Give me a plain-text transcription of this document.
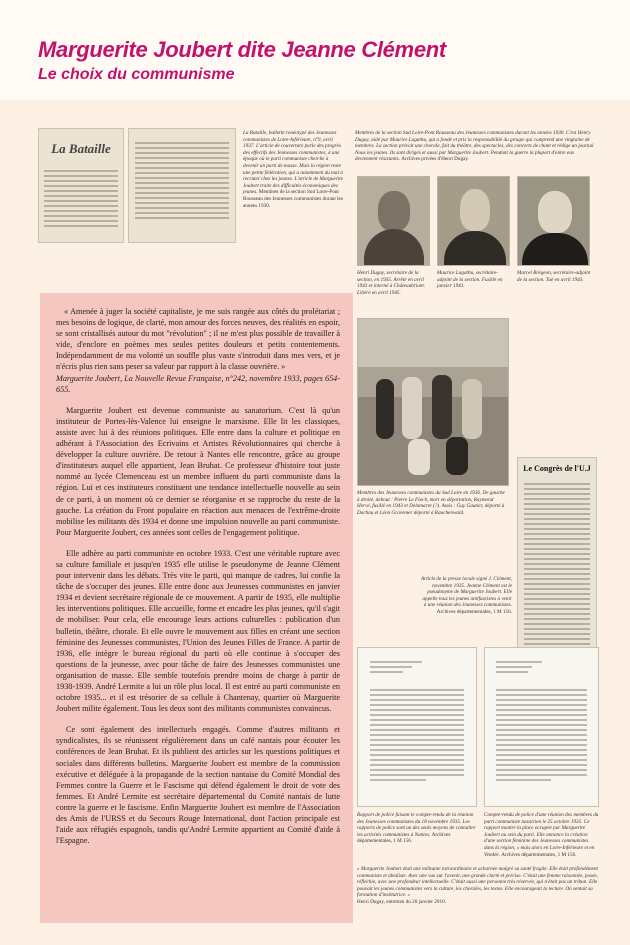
Marguerite Joubert dite Jeanne Clément
Le choix du communisme
La Bataille
La Bataille, bulletin ronéotypé des Jeunesses communistes de Loire-Inférieure, n°9, avril 1937. L'article de couverture parle des progrès des effectifs des Jeunesses communistes, à une époque où le parti communiste cherche à devenir un parti de masse. Mais la région reste une petite fédération, qui a notamment du mal à recruter chez les jeunes. L'article de Marguerite Joubert traite des difficultés économiques des jeunes. Membres de la section Sud Loire-Pont Rousseau des Jeunesses communistes durant les années 1930.
Membres de la section Sud Loire-Pont Rousseau des Jeunesses communistes durant les années 1930. C'est Henry Dugay, aidé par Maurice Lagathu, qui a fondé et pris la responsabilité du groupe qui comprend une vingtaine de membres. La section prévoit une chorale, fait du théâtre, des spectacles, des concerts de chant et rédige un journal Nous les jeunes. Ils sont dirigés et aussi par Marguerite Joubert. Pendant la guerre la plupart d'entre eux deviennent résistants. Archives privées d'Henri Dugay.
Henri Dugay, secrétaire de la section, en 1935. Arrêté en avril 1943 et interné à Châteaubriant. Libéré en avril 1945.
Maurice Lagathu, secrétaire-adjoint de la section. Fusillé en janvier 1943.
Marcel Brégeon, secrétaire-adjoint de la section. Tué en avril 1943.

« Amenée à juger la société capitaliste, je me suis rangée aux côtés du prolétariat ; mes besoins de logique, de clarté, mon amour des forces neuves, des réalités en espoir, se sont cristallisés autour du mot "révolution" ; il ne m'est plus possible de travailler à vide, d'enclore en poèmes mes seules petites douleurs et petits contentements. Indépendamment de ma volonté un souffle plus vaste s'introduit dans mes vers, et je n'écris plus rien sans peser sa valeur par rapport à la classe ouvrière. »

Marguerite Joubert, La Nouvelle Revue Française, n°242, novembre 1933, pages 654-655.

Marguerite Joubert est devenue communiste au sanatorium. C'est là qu'un instituteur de Portes-lès-Valence lui enseigne le marxisme. Elle lit les classiques, assiste avec lui à des réunions politiques. Elle entre dans la culture et politique en adhérant à l'Association des Ecrivains et Artistes Révolutionnaires qui cherche à développer la culture ouvrière. De retour à Nantes elle rencontre, grâce au groupe d'instituteurs auquel elle appartient, Jean Bruhat. Ce professeur d'histoire tout juste nommé au lycée Clemenceau est un membre influent du parti communiste dans la région. Lui et ces instituteurs constituent une tendance intellectuelle nouvelle au sein de ce parti, à un moment où ce dernier se réorganise et se rapproche du reste de la gauche. La création du Front populaire en réaction aux menaces de l'extrême-droite mobilise les militants dès 1934 et donne une impulsion nouvelle au parti communiste. Pour Marguerite Joubert, ces années sont celles de l'engagement politique.

Elle adhère au parti communiste en octobre 1933. C'est une véritable rupture avec sa culture familiale et jusqu'en 1935 elle utilise le pseudonyme de Jeanne Clément pour intervenir dans les débats. Très vite le parti, qui manque de cadres, lui confie la tâche de s'occuper des jeunes. Elle entre donc aux Jeunesses communistes en janvier 1934 et devient secrétaire régionale de ce mouvement. A partir de 1935, elle multiplie les interventions politiques. Elle accueille, forme et encadre les plus jeunes, qu'il s'agit de mobiliser. Pour cela, elle encourage leurs actions culturelles : publication d'un bulletin, théâtre, chorale. Et elle ouvre le mouvement aux filles en créant une section féminine des Jeunesses communistes, l'Union des Jeunes Filles de France. A partir de 1936, elle intègre le bureau régional du parti où elle continue à s'occuper des questions de la jeunesse, avec pour tâche de faire des Jeunesses communistes une organisation de masse. Elle semble toutefois prendre moins de charge à partir de 1938-1939. André Lermite a lui un rôle plus local. Il est entré au parti communiste en octobre 1935... et il est trésorier de sa cellule à Chantenay, quartier où Marguerite Joubert milite également. Tous les deux sont des militants communistes convaincus.

Ce sont également des intellectuels engagés. Comme d'autres militants et syndicalistes, ils se réunissent régulièrement dans un café nantais pour écouter les conférences de Jean Bruhat. Et ils publient des articles sur les questions politiques et sociales dans différents bulletins. Marguerite Joubert est membre de la commission exécutive et déléguée à la propagande de la section nantaise du Comité Mondial des Femmes contre la Guerre et le Fascisme qui défend également le droit de vote des femmes. Et André Lermite est secrétaire départemental du Comité nantais de lutte contre la guerre et le fascisme. Enfin Marguerite Joubert est membre de l'Association des Amis de l'URSS et du Secours Rouge International, dont l'action principale est l'aide aux réfugiés espagnols, tandis qu'André Lermite appartient au Comité d'aide à l'Espagne.

Membres des Jeunesses communistes du Sud Loire en 1936. De gauche à droite, debout : Pierre Le Floch, mort en déportation, Raymond Hervé, fusillé en 1943 et Delamarre (?). Assis : Guy Gautier, déporté à Dachau et Léon Gravemer déporté à Rauchenwald.
Le Congrès de l'U.J
Article de la presse locale signé J. Clément, novembre 1935. Jeanne Clément est le pseudonyme de Marguerite Joubert. Elle appelle tous les jeunes antifascistes à venir à une réunion des Jeunesses communistes. Archives départementales, 1 M 156.
Rapport de police faisant le compte-rendu de la réunion des Jeunesses communistes du 18 novembre 1935. Les rapports de police sont un des seuls moyens de connaître les activités communistes à Nantes. Archives départementales, 1 M 156.
Compte-rendu de police d'une réunion des membres du parti communiste nazairien le 25 octobre 1935. Ce rapport montre la place occupée par Marguerite Joubert au sein du parti. Elle annonce la création d'une section féminine des Jeunesses communistes dans la région, « mais alors en Loire-Inférieure et en Vendée. Archives départementales, 1 M 156.
« Marguerite Joubert était une militante extraordinaire et acharnée malgré sa santé fragile. Elle était profondément communiste et idéaliste. Avec une vue sur l'avenir, une grande clarté et précise. C'était une femme raisonnée, posée, réfléchie, avec une profondeur intellectuelle. C'était aussi une personne très réservée, qui n'était pas un tribun. Elle pouvait les jeunes communistes vers la culture, les chorales, les textes. Elle encourageait la lecture. On sentait sa formation d'institutrice. »
Henri Dugay, entretien du 20 janvier 2010.
